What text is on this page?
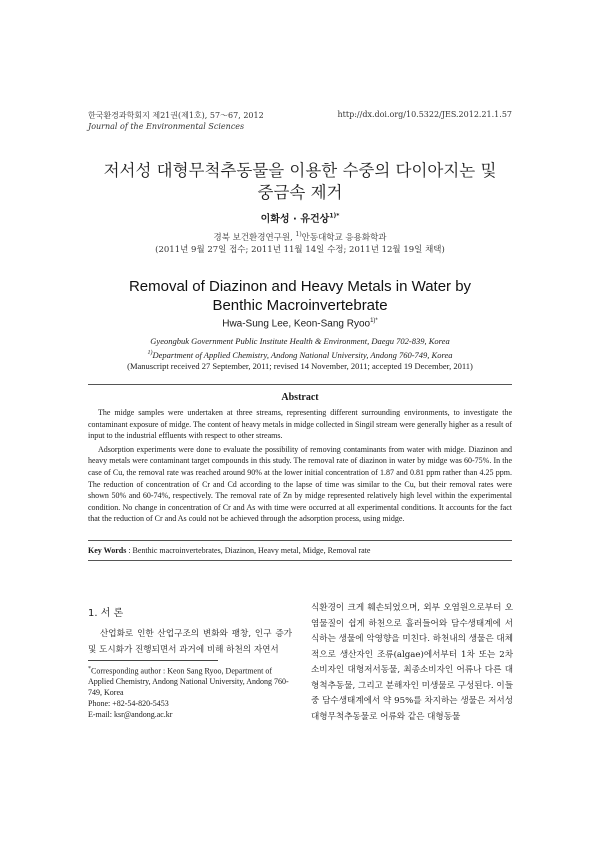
한국환경과학회지 제21권(제1호), 57～67, 2012
Journal of the Environmental Sciences
http://dx.doi.org/10.5322/JES.2012.21.1.57
저서성 대형무척추동물을 이용한 수중의 다이아지논 및
중금속 제거
이화성 · 유건상$^{1)*}$
경북 보건환경연구원, $^{1)}$안동대학교 응용화학과
(2011년 9월 27일 접수; 2011년 11월 14일 수정; 2011년 12월 19일 채택)
Removal of Diazinon and Heavy Metals in Water by
Benthic Macroinvertebrate
Hwa-Sung Lee, Keon-Sang Ryoo$^{1)*}$
Gyeongbuk Government Public Institute Health & Environment, Daegu 702-839, Korea
$^{1)}$Department of Applied Chemistry, Andong National University, Andong 760-749, Korea
(Manuscript received 27 September, 2011; revised 14 November, 2011; accepted 19 December, 2011)
Abstract

The midge samples were undertaken at three streams, representing different surrounding environments, to investigate the contaminant exposure of midge. The content of heavy metals in midge collected in Singil stream were generally higher as a result of input to the industrial effluents with respect to other streams.

Adsorption experiments were done to evaluate the possibility of removing contaminants from water with midge. Diazinon and heavy metals were contaminant target compounds in this study. The removal rate of diazinon in water by midge was 60-75%. In the case of Cu, the removal rate was reached around 90% at the lower initial concentration of 1.87 and 0.81 ppm rather than 4.25 ppm. The reduction of concentration of Cr and Cd according to the lapse of time was similar to the Cu, but their removal rates were shown 50% and 60-74%, respectively. The removal rate of Zn by midge represented relatively high level within the experimental condition. No change in concentration of Cr and As with time were occurred at all experimental conditions. It accounts for the fact that the reduction of Cr and As could not be achieved through the adsorption process, using midge.

Key Words : Benthic macroinvertebrates, Diazinon, Heavy metal, Midge, Removal rate
1. 서 론

산업화로 인한 산업구조의 변화와 팽창, 인구 증가 및 도시화가 진행되면서 과거에 비해 하천의 자연서

식환경이 크게 훼손되었으며, 외부 오염원으로부터 오염물질이 쉽게 하천으로 흘러들어와 담수생태계에 서식하는 생물에 악영향을 미친다. 하천내의 생물은 대체적으로 생산자인 조류(algae)에서부터 1차 또는 2차 소비자인 대형저서동물, 최종소비자인 어류나 다른 대형척추동물, 그리고 분해자인 미생물로 구성된다. 이들 중 담수생태계에서 약 95%를 차지하는 생물은 저서성 대형무척추동물로 어류와 같은 대형동물

*Corresponding author : Keon Sang Ryoo, Department of Applied Chemistry, Andong National University, Andong 760-749, Korea
Phone: +82-54-820-5453
E-mail: ksr@andong.ac.kr
